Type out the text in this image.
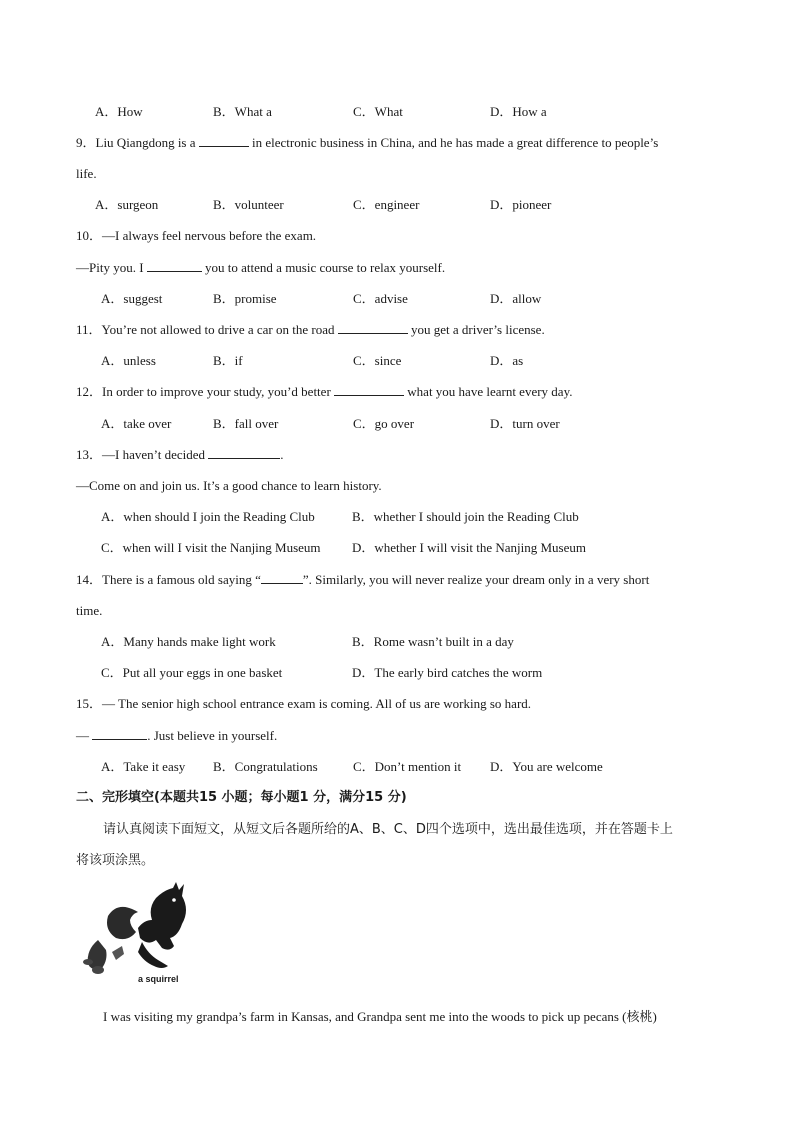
A．How	B．What a	C．What	D．How a
9．Liu Qiangdong is a	in electronic business in China, and he has made a great difference to people’s
life.
A．surgeon	B．volunteer	C．engineer	D．pioneer
10．—I always feel nervous before the exam.
—Pity you. I	you to attend a music course to relax yourself.
A．suggest	B．promise	C．advise	D．allow
11．You’re not allowed to drive a car on the road	you get a driver’s license.
A．unless	B．if	C．since	D．as
12．In order to improve your study, you’d better	what you have learnt every day.
A．take over	B．fall over	C．go over	D．turn over
13．—I haven’t decided	.
—Come on and join us. It’s a good chance to learn history.
A．when should I join the Reading Club	B．whether I should join the Reading Club
C．when will I visit the Nanjing Museum D．whether I will visit the Nanjing Museum
14．There is a famous old saying “	”. Similarly, you will never realize your dream only in a very short
time.
A．Many hands make light work	B．Rome wasn’t built in a day
C．Put all your eggs in one basket	D．The early bird catches the worm
15．— The senior high school entrance exam is coming. All of us are working so hard.
—	. Just believe in yourself.
A．Take it easy B．Congratulations	C．Don’t mention it D．You are welcome
二、完形填空(本题共15 小题；每小题1 分，满分15 分)
请认真阅读下面短文，从短文后各题所给的A、B、C、D四个选项中，选出最佳选项，并在答题卡上
将该项涂黑。
a squirrel
I was visiting my grandpa’s farm in Kansas, and Grandpa sent me into the woods to pick up pecans (核桃)
